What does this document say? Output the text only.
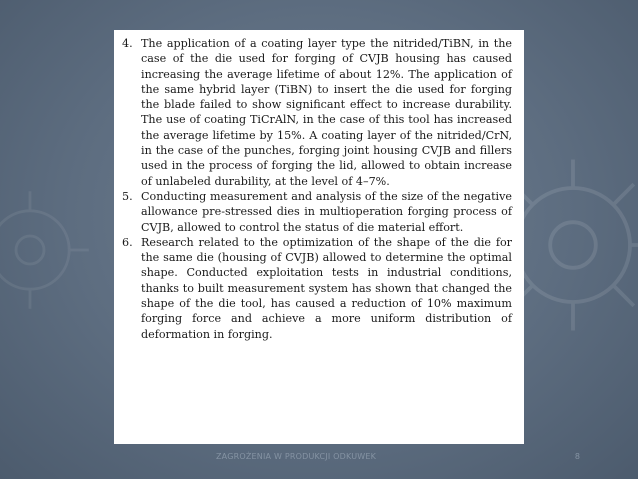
4. The application of a coating layer type the nitrided/TiBN, in the case of the die used for forging of CVJB housing has caused increasing the average lifetime of about 12%. The application of the same hybrid layer (TiBN) to insert the die used for forging the blade failed to show significant effect to increase durability. The use of coating TiCrAlN, in the case of this tool has increased the average lifetime by 15%. A coating layer of the nitrided/CrN, in the case of the punches, forging joint housing CVJB and fillers used in the process of forging the lid, allowed to obtain increase of unlabeled durability, at the level of 4–7%.
5. Conducting measurement and analysis of the size of the negative allowance pre-stressed dies in multioperation forging process of CVJB, allowed to control the status of die material effort.
6. Research related to the optimization of the shape of the die for the same die (housing of CVJB) allowed to determine the optimal shape. Conducted exploitation tests in industrial conditions, thanks to built measurement system has shown that changed the shape of the die tool, has caused a reduction of 10% maximum forging force and achieve a more uniform distribution of deformation in forging.
ZAGROŻENIA W PRODUKCJI ODKUWEK	8
